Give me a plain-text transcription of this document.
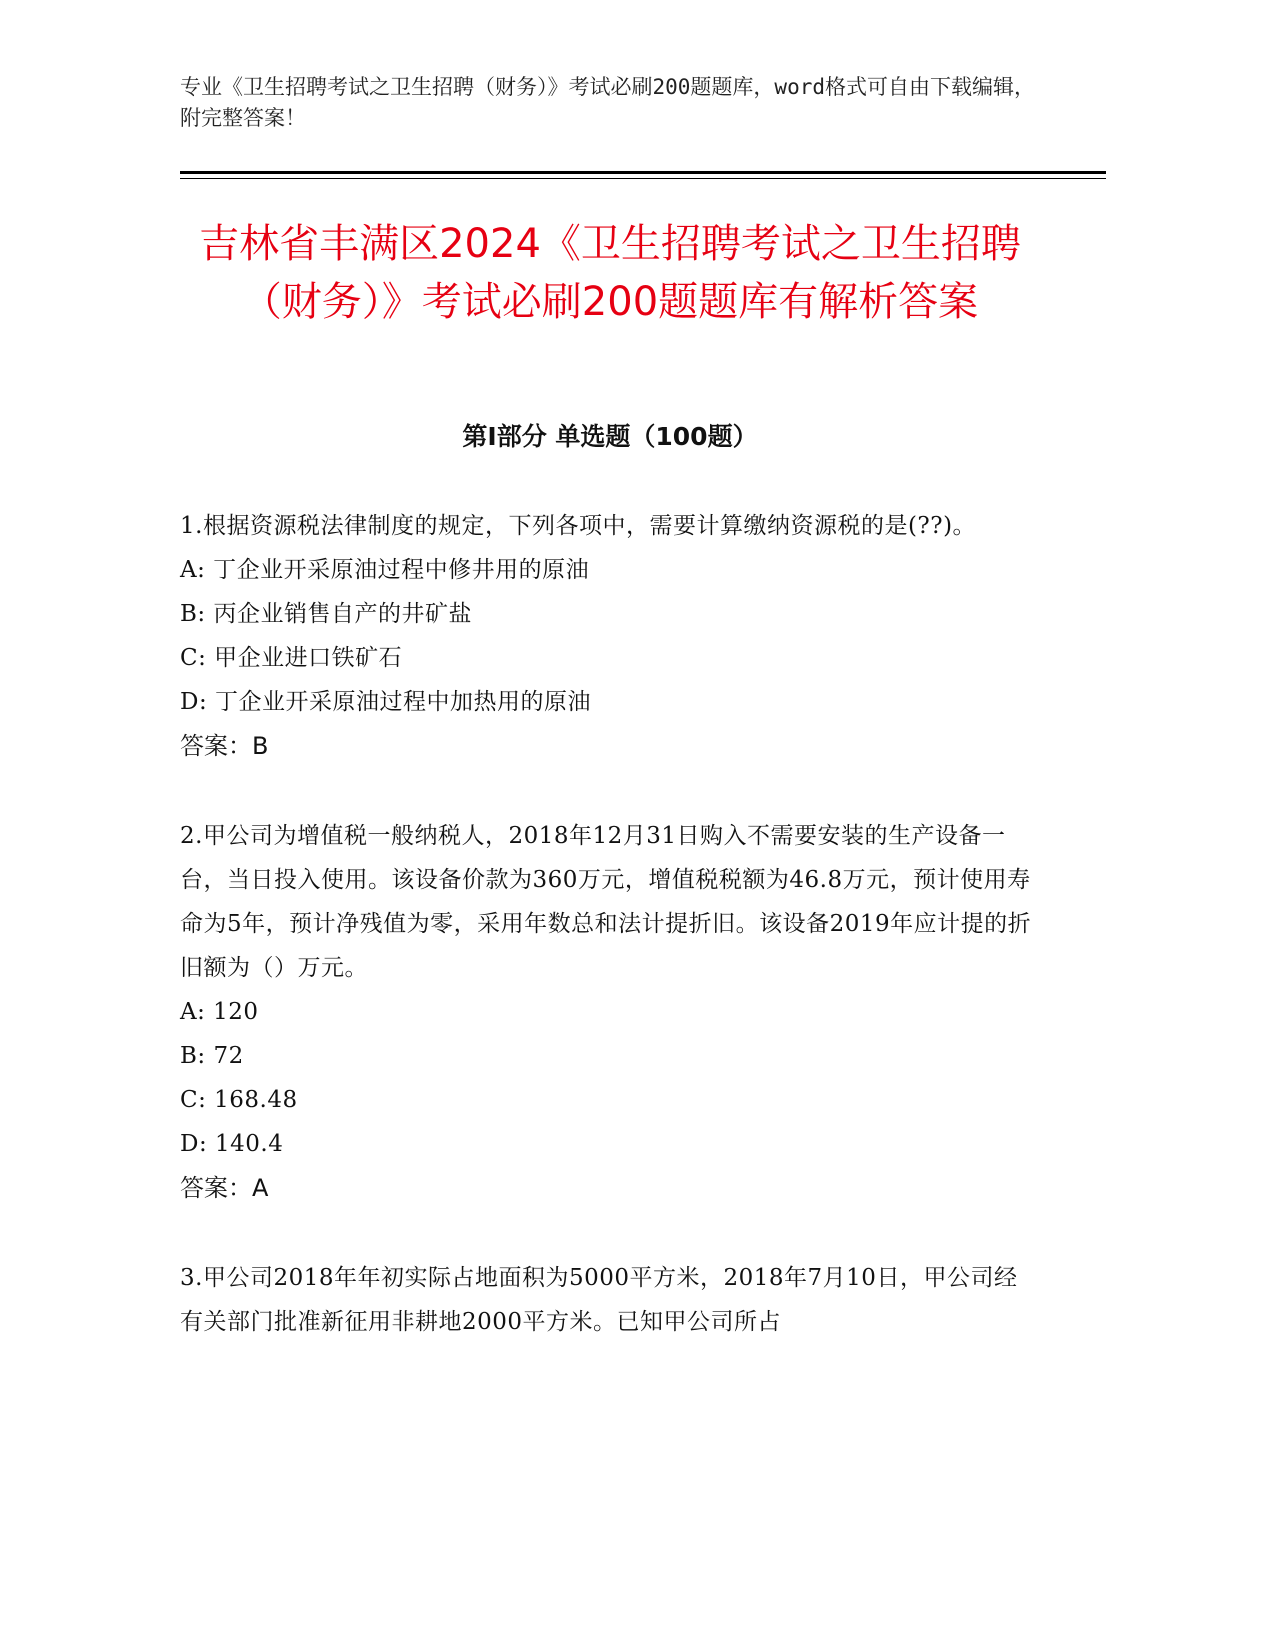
专业《卫生招聘考试之卫生招聘（财务）》考试必刷200题题库，word格式可自由下载编辑，附完整答案！
吉林省丰满区2024《卫生招聘考试之卫生招聘（财务）》考试必刷200题题库有解析答案
第Ⅰ部分 单选题（100题）

1.根据资源税法律制度的规定，下列各项中，需要计算缴纳资源税的是(??)。

A: 丁企业开采原油过程中修井用的原油

B: 丙企业销售自产的井矿盐

C: 甲企业进口铁矿石

D: 丁企业开采原油过程中加热用的原油

答案：B

2.甲公司为增值税一般纳税人，2018年12月31日购入不需要安装的生产设备一台，当日投入使用。该设备价款为360万元，增值税税额为46.8万元，预计使用寿命为5年，预计净残值为零，采用年数总和法计提折旧。该设备2019年应计提的折旧额为（）万元。

A: 120

B: 72

C: 168.48

D: 140.4

答案：A

3.甲公司2018年年初实际占地面积为5000平方米，2018年7月10日，甲公司经有关部门批准新征用非耕地2000平方米。已知甲公司所占
